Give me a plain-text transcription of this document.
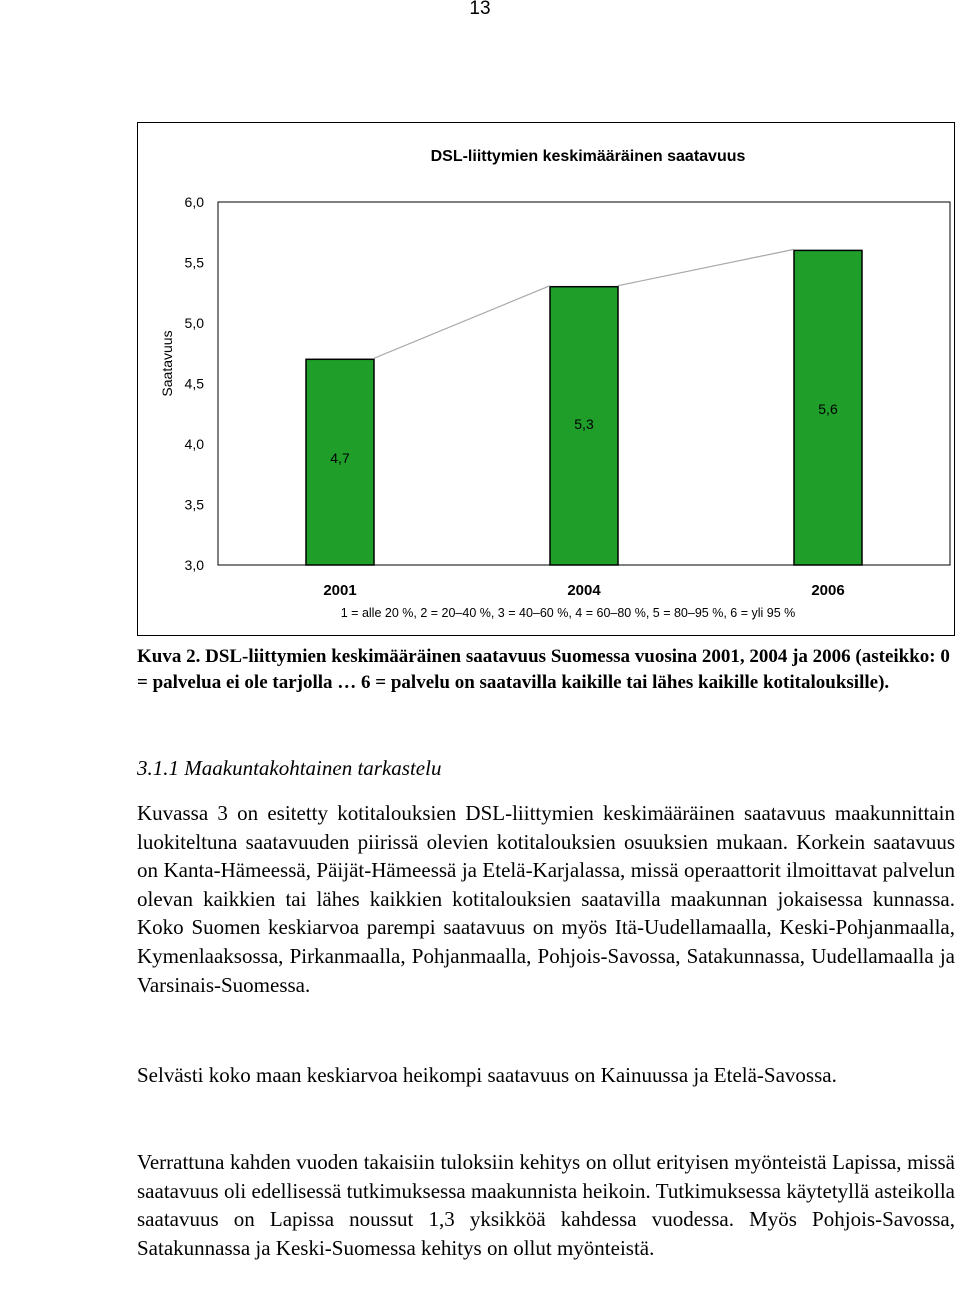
13
DSL-liittymien keskimääräinen saatavuus
3,0
3,5
4,0
4,5
5,0
5,5
6,0
Saatavuus
4,7
5,3
5,6
2001	2004	2006
1 = alle 20 %, 2 = 20–40 %, 3 = 40–60 %, 4 = 60–80 %, 5 = 80–95 %, 6 = yli 95 %
Kuva 2. DSL-liittymien keskimääräinen saatavuus Suomessa vuosina 2001, 2004 ja 2006 (asteikko: 0 = palvelua ei ole tarjolla … 6 = palvelu on saatavilla kaikille tai lähes kaikille kotitalouksille).
3.1.1 Maakuntakohtainen tarkastelu

Kuvassa 3 on esitetty kotitalouksien DSL-liittymien keskimääräinen saatavuus maakunnittain luokiteltuna saatavuuden piirissä olevien kotitalouksien osuuksien mukaan. Korkein saatavuus on Kanta-Hämeessä, Päijät-Hämeessä ja Etelä-Karjalassa, missä operaattorit ilmoittavat palvelun olevan kaikkien tai lähes kaikkien kotitalouksien saatavilla maakunnan jokaisessa kunnassa. Koko Suomen keskiarvoa parempi saatavuus on myös Itä-Uudellamaalla, Keski-Pohjanmaalla, Kymenlaaksossa, Pirkanmaalla, Pohjanmaalla, Pohjois-Savossa, Satakunnassa, Uudellamaalla ja Varsinais-Suomessa.

Selvästi koko maan keskiarvoa heikompi saatavuus on Kainuussa ja Etelä-Savossa.

Verrattuna kahden vuoden takaisiin tuloksiin kehitys on ollut erityisen myönteistä Lapissa, missä saatavuus oli edellisessä tutkimuksessa maakunnista heikoin. Tutkimuksessa käytetyllä asteikolla saatavuus on Lapissa noussut 1,3 yksikköä kahdessa vuodessa. Myös Pohjois-Savossa, Satakunnassa ja Keski-Suomessa kehitys on ollut myönteistä.
